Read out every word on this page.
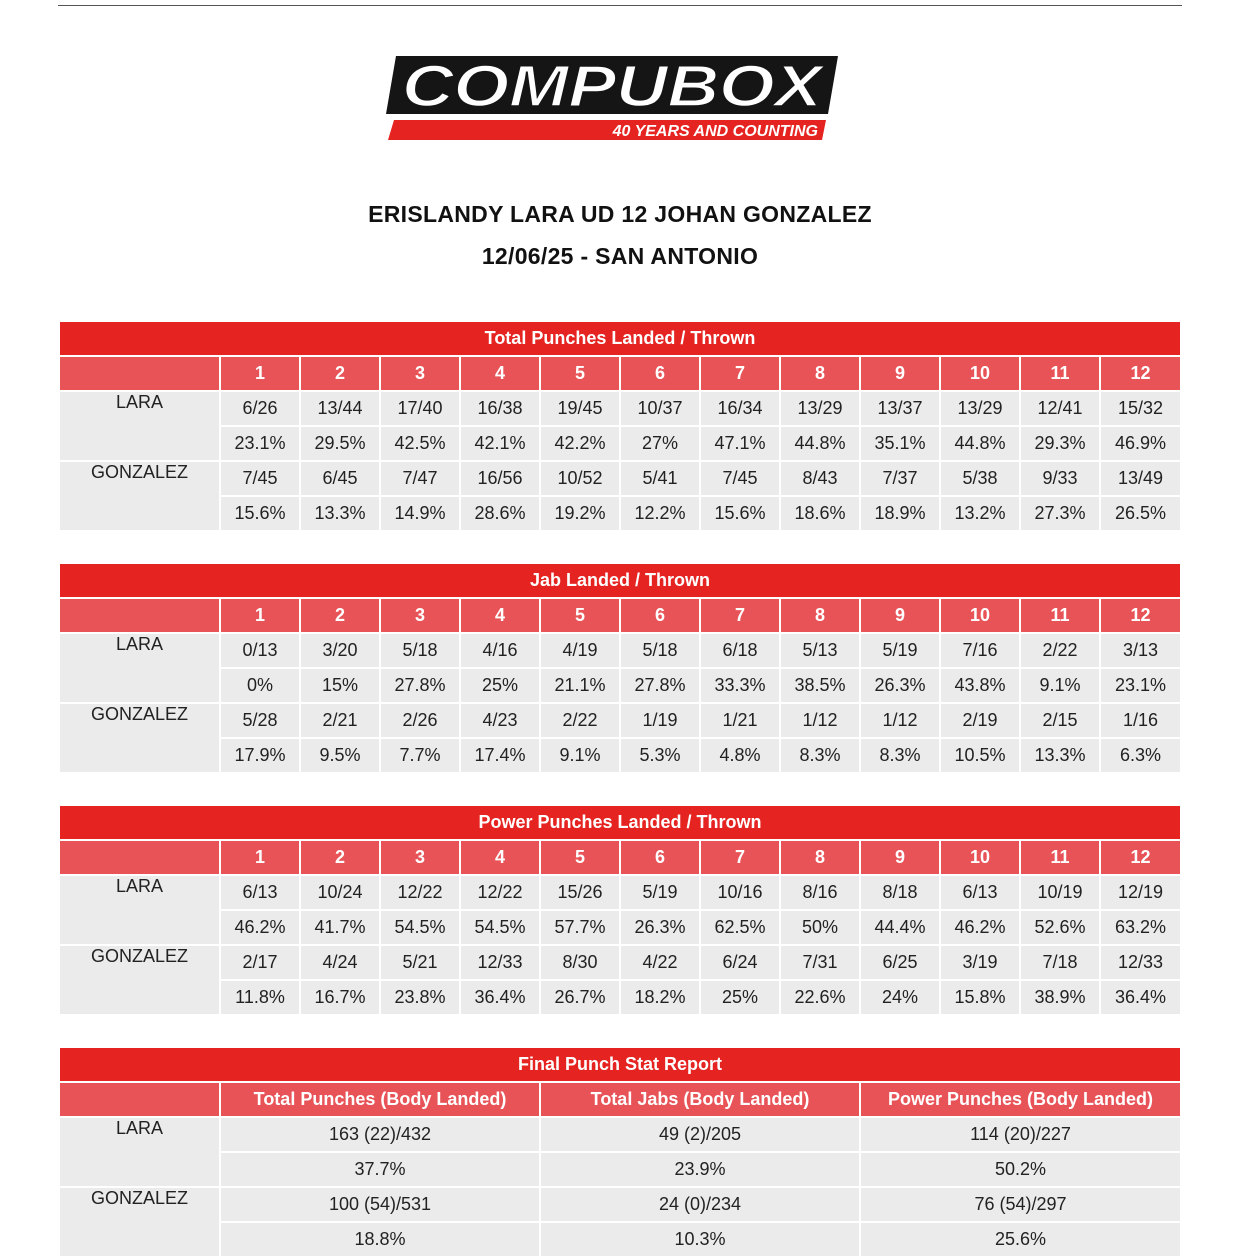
COMPUBOX
40 YEARS AND COUNTING
ERISLANDY LARA UD 12 JOHAN GONZALEZ
12/06/25 - SAN ANTONIO
Total Punches Landed / Thrown												
	1	2	3	4	5	6	7	8	9	10	11	12
LARA	6/26	13/44	17/40	16/38	19/45	10/37	16/34	13/29	13/37	13/29	12/41	15/32
	23.1%	29.5%	42.5%	42.1%	42.2%	27%	47.1%	44.8%	35.1%	44.8%	29.3%	46.9%
GONZALEZ	7/45	6/45	7/47	16/56	10/52	5/41	7/45	8/43	7/37	5/38	9/33	13/49
	15.6%	13.3%	14.9%	28.6%	19.2%	12.2%	15.6%	18.6%	18.9%	13.2%	27.3%	26.5%
Jab Landed / Thrown												
	1	2	3	4	5	6	7	8	9	10	11	12
LARA	0/13	3/20	5/18	4/16	4/19	5/18	6/18	5/13	5/19	7/16	2/22	3/13
	0%	15%	27.8%	25%	21.1%	27.8%	33.3%	38.5%	26.3%	43.8%	9.1%	23.1%
GONZALEZ	5/28	2/21	2/26	4/23	2/22	1/19	1/21	1/12	1/12	2/19	2/15	1/16
	17.9%	9.5%	7.7%	17.4%	9.1%	5.3%	4.8%	8.3%	8.3%	10.5%	13.3%	6.3%
Power Punches Landed / Thrown												
	1	2	3	4	5	6	7	8	9	10	11	12
LARA	6/13	10/24	12/22	12/22	15/26	5/19	10/16	8/16	8/18	6/13	10/19	12/19
	46.2%	41.7%	54.5%	54.5%	57.7%	26.3%	62.5%	50%	44.4%	46.2%	52.6%	63.2%
GONZALEZ	2/17	4/24	5/21	12/33	8/30	4/22	6/24	7/31	6/25	3/19	7/18	12/33
	11.8%	16.7%	23.8%	36.4%	26.7%	18.2%	25%	22.6%	24%	15.8%	38.9%	36.4%
Final Punch Stat Report			
	Total Punches (Body Landed)	Total Jabs (Body Landed)	Power Punches (Body Landed)
LARA	163 (22)/432	49 (2)/205	114 (20)/227
	37.7%	23.9%	50.2%
GONZALEZ	100 (54)/531	24 (0)/234	76 (54)/297
	18.8%	10.3%	25.6%
